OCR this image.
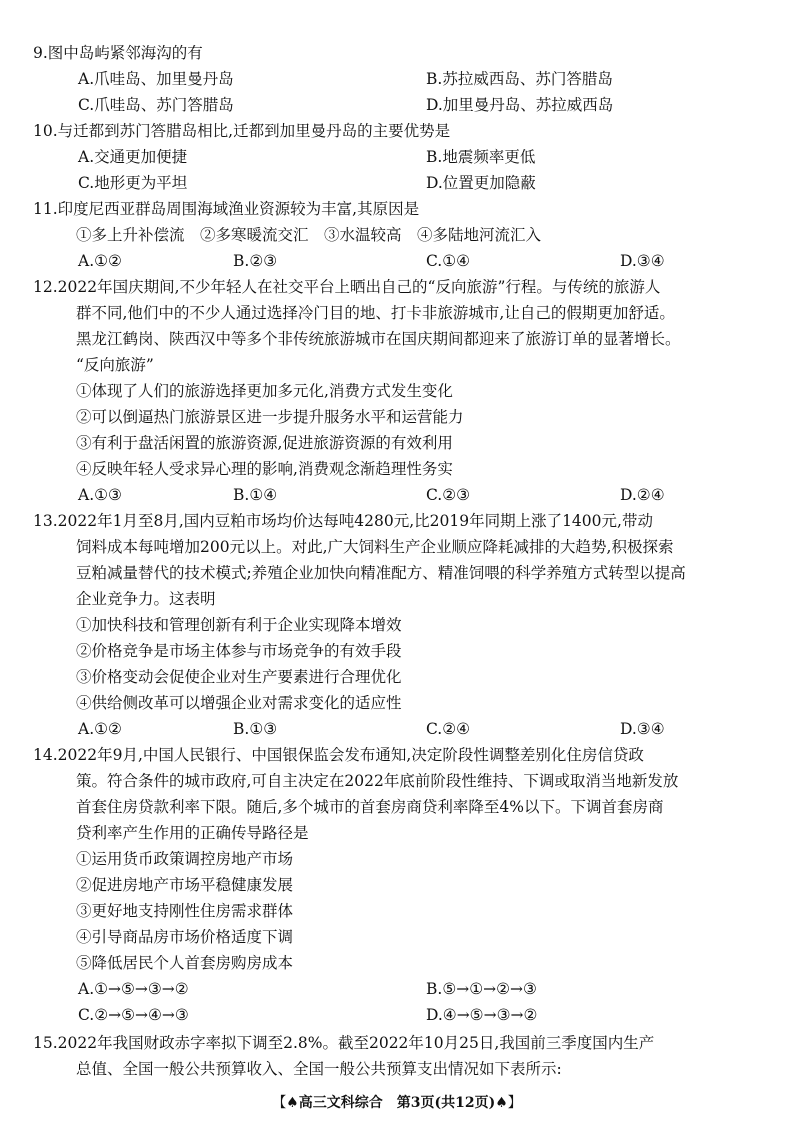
9.图中岛屿紧邻海沟的有
A.爪哇岛、加里曼丹岛	B.苏拉威西岛、苏门答腊岛
C.爪哇岛、苏门答腊岛	D.加里曼丹岛、苏拉威西岛
10.与迁都到苏门答腊岛相比,迁都到加里曼丹岛的主要优势是
A.交通更加便捷	B.地震频率更低
C.地形更为平坦	D.位置更加隐蔽
11.印度尼西亚群岛周围海域渔业资源较为丰富,其原因是
①多上升补偿流　②多寒暖流交汇　③水温较高　④多陆地河流汇入
A.①②	B.②③	C.①④	D.③④
12.2022年国庆期间,不少年轻人在社交平台上晒出自己的“反向旅游”行程。与传统的旅游人
群不同,他们中的不少人通过选择冷门目的地、打卡非旅游城市,让自己的假期更加舒适。
黑龙江鹤岗、陕西汉中等多个非传统旅游城市在国庆期间都迎来了旅游订单的显著增长。
“反向旅游”
①体现了人们的旅游选择更加多元化,消费方式发生变化
②可以倒逼热门旅游景区进一步提升服务水平和运营能力
③有利于盘活闲置的旅游资源,促进旅游资源的有效利用
④反映年轻人受求异心理的影响,消费观念渐趋理性务实
A.①③	B.①④	C.②③	D.②④
13.2022年1月至8月,国内豆粕市场均价达每吨4280元,比2019年同期上涨了1400元,带动
饲料成本每吨增加200元以上。对此,广大饲料生产企业顺应降耗减排的大趋势,积极探索
豆粕减量替代的技术模式;养殖企业加快向精准配方、精准饲喂的科学养殖方式转型以提高
企业竞争力。这表明
①加快科技和管理创新有利于企业实现降本增效
②价格竞争是市场主体参与市场竞争的有效手段
③价格变动会促使企业对生产要素进行合理优化
④供给侧改革可以增强企业对需求变化的适应性
A.①②	B.①③	C.②④	D.③④
14.2022年9月,中国人民银行、中国银保监会发布通知,决定阶段性调整差别化住房信贷政
策。符合条件的城市政府,可自主决定在2022年底前阶段性维持、下调或取消当地新发放
首套住房贷款利率下限。随后,多个城市的首套房商贷利率降至4%以下。下调首套房商
贷利率产生作用的正确传导路径是
①运用货币政策调控房地产市场
②促进房地产市场平稳健康发展
③更好地支持刚性住房需求群体
④引导商品房市场价格适度下调
⑤降低居民个人首套房购房成本
A.①→⑤→③→②	B.⑤→①→②→③
C.②→⑤→④→③	D.④→⑤→③→②
15.2022年我国财政赤字率拟下调至2.8%。截至2022年10月25日,我国前三季度国内生产
总值、全国一般公共预算收入、全国一般公共预算支出情况如下表所示:
【♠高三文科综合　第3页(共12页)♠】
